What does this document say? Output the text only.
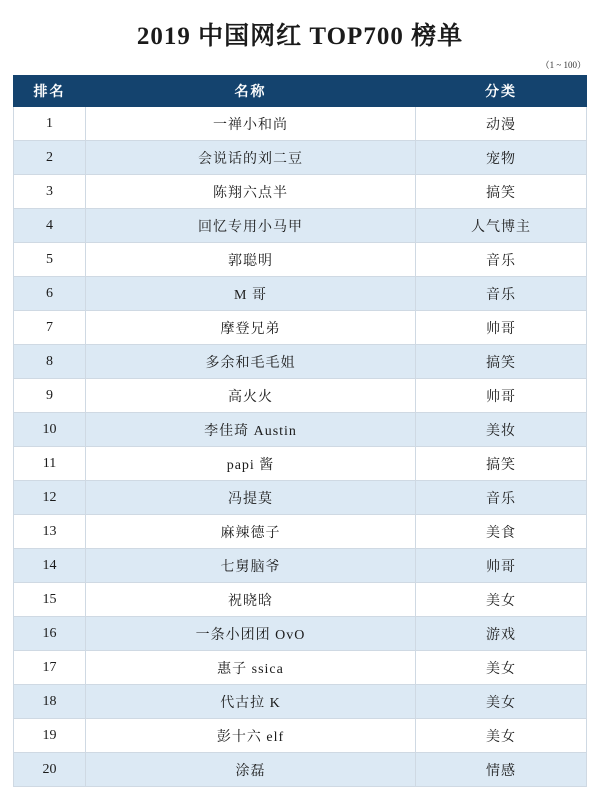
2019 中国网红 TOP700 榜单
（1 ~ 100）
排名	名称	分类
1	一禅小和尚	动漫
2	会说话的刘二豆	宠物
3	陈翔六点半	搞笑
4	回忆专用小马甲	人气博主
5	郭聪明	音乐
6	M 哥	音乐
7	摩登兄弟	帅哥
8	多余和毛毛姐	搞笑
9	高火火	帅哥
10	李佳琦 Austin	美妆
11	papi 酱	搞笑
12	冯提莫	音乐
13	麻辣德子	美食
14	七舅脑爷	帅哥
15	祝晓晗	美女
16	一条小团团 OvO	游戏
17	惠子 ssica	美女
18	代古拉 K	美女
19	彭十六 elf	美女
20	涂磊	情感
